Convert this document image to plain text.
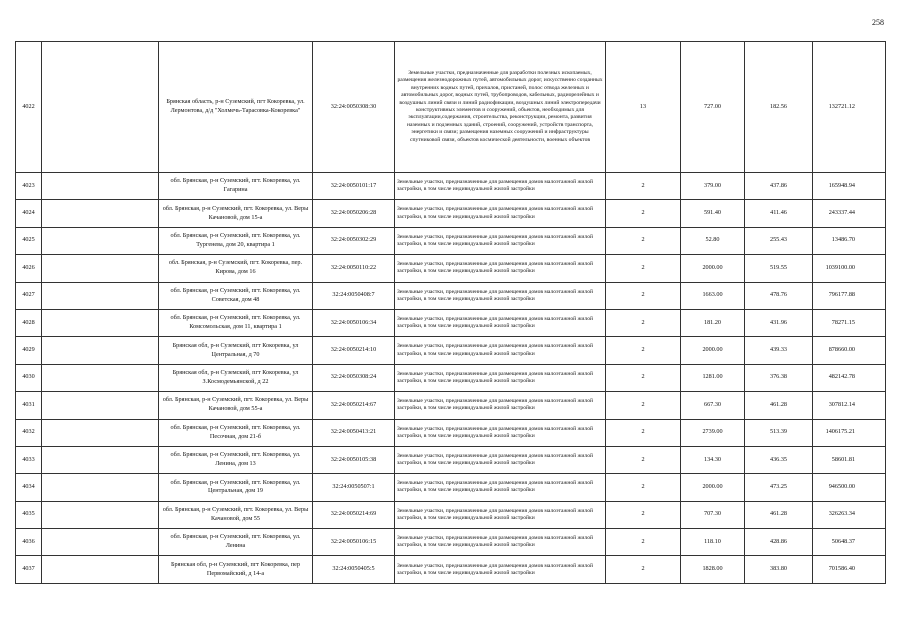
258
4022		Брянская область, р-н Суземский, пгт Кокоревка, ул. Лермонтова, д/д "Холмечь-Тарасовка-Кокоревка"	32:24:0050308:30	Земельные участки, предназначенные для разработки полезных ископаемых, размещения железнодорожных путей, автомобильных дорог, искусственно созданных внутренних водных путей, причалов, пристаней, полос отвода железных и автомобильных дорог, водных путей, трубопроводов, кабельных, радиорелейных и воздушных линий связи и линий радиофикации, воздушных линий электропередачи конструктивных элементов и сооружений, объектов, необходимых для эксплуатации,содержания, строительства, реконструкции, ремонта, развития наземных и подземных зданий, строений, сооружений, устройств транспорта, энергетики и связи; размещения наземных сооружений и инфраструктуры спутниковой связи, объектов космической деятельности, военных объектов	13	727.00	182.56	132721.12
4023		обл. Брянская, р-н Суземский, пгт. Кокоревка, ул. Гагарина	32:24:0050101:17	Земельные участки, предназначенные для размещения домов малоэтажной жилой застройки, в том числе индивидуальной жилой застройки	2	379.00	437.86	165948.94
4024		обл. Брянская, р-н Суземский, пгт. Кокоревка, ул. Веры Качановой, дом 15-а	32:24:0050206:28	Земельные участки, предназначенные для размещения домов малоэтажной жилой застройки, в том числе индивидуальной жилой застройки	2	591.40	411.46	243337.44
4025		обл. Брянская, р-н Суземский, пгт. Кокоревка, ул. Тургенева, дом 20, квартира 1	32:24:0050302:29	Земельные участки, предназначенные для размещения домов малоэтажной жилой застройки, в том числе индивидуальной жилой застройки	2	52.80	255.43	13486.70
4026		обл. Брянская, р-н Суземский, пгт. Кокоревка, пер. Кирова, дом 16	32:24:0050110:22	Земельные участки, предназначенные для размещения домов малоэтажной жилой застройки, в том числе индивидуальной жилой застройки	2	2000.00	519.55	1039100.00
4027		обл. Брянская, р-н Суземский, пгт. Кокоревка, ул. Советская, дом 48	32:24:0050408:7	Земельные участки, предназначенные для размещения домов малоэтажной жилой застройки, в том числе индивидуальной жилой застройки	2	1663.00	478.76	796177.88
4028		обл. Брянская, р-н Суземский, пгт. Кокоревка, ул. Комсомольская, дом 11, квартира 1	32:24:0050106:34	Земельные участки, предназначенные для размещения домов малоэтажной жилой застройки, в том числе индивидуальной жилой застройки	2	181.20	431.96	78271.15
4029		Брянская обл, р-н Суземский, пгт Кокоревка, ул Центральная, д 70	32:24:0050214:10	Земельные участки, предназначенные для размещения домов малоэтажной жилой застройки, в том числе индивидуальной жилой застройки	2	2000.00	439.33	878660.00
4030		Брянская обл, р-н Суземский, пгт Кокоревка, ул З.Космодемьянской, д 22	32:24:0050308:24	Земельные участки, предназначенные для размещения домов малоэтажной жилой застройки, в том числе индивидуальной жилой застройки	2	1281.00	376.38	482142.78
4031		обл. Брянская, р-н Суземский, пгт. Кокоревка, ул. Веры Качановой, дом 55-а	32:24:0050214:67	Земельные участки, предназначенные для размещения домов малоэтажной жилой застройки, в том числе индивидуальной жилой застройки	2	667.30	461.28	307812.14
4032		обл. Брянская, р-н Суземский, пгт. Кокоревка, ул. Песочная, дом 21-б	32:24:0050413:21	Земельные участки, предназначенные для размещения домов малоэтажной жилой застройки, в том числе индивидуальной жилой застройки	2	2739.00	513.39	1406175.21
4033		обл. Брянская, р-н Суземский, пгт. Кокоревка, ул. Ленина, дом 13	32:24:0050105:38	Земельные участки, предназначенные для размещения домов малоэтажной жилой застройки, в том числе индивидуальной жилой застройки	2	134.30	436.35	58601.81
4034		обл. Брянская, р-н Суземский, пгт. Кокоревка, ул. Центральная, дом 19	32:24:0050507:1	Земельные участки, предназначенные для размещения домов малоэтажной жилой застройки, в том числе индивидуальной жилой застройки	2	2000.00	473.25	946500.00
4035		обл. Брянская, р-н Суземский, пгт. Кокоревка, ул. Веры Качановой, дом 55	32:24:0050214:69	Земельные участки, предназначенные для размещения домов малоэтажной жилой застройки, в том числе индивидуальной жилой застройки	2	707.30	461.28	326263.34
4036		обл. Брянская, р-н Суземский, пгт. Кокоревка, ул. Ленина	32:24:0050106:15	Земельные участки, предназначенные для размещения домов малоэтажной жилой застройки, в том числе индивидуальной жилой застройки	2	118.10	428.86	50648.37
4037		Брянская обл, р-н Суземский, пгт Кокоревка, пер Первомайский, д 14-а	32:24:0050405:5	Земельные участки, предназначенные для размещения домов малоэтажной жилой застройки, в том числе индивидуальной жилой застройки	2	1828.00	383.80	701586.40
